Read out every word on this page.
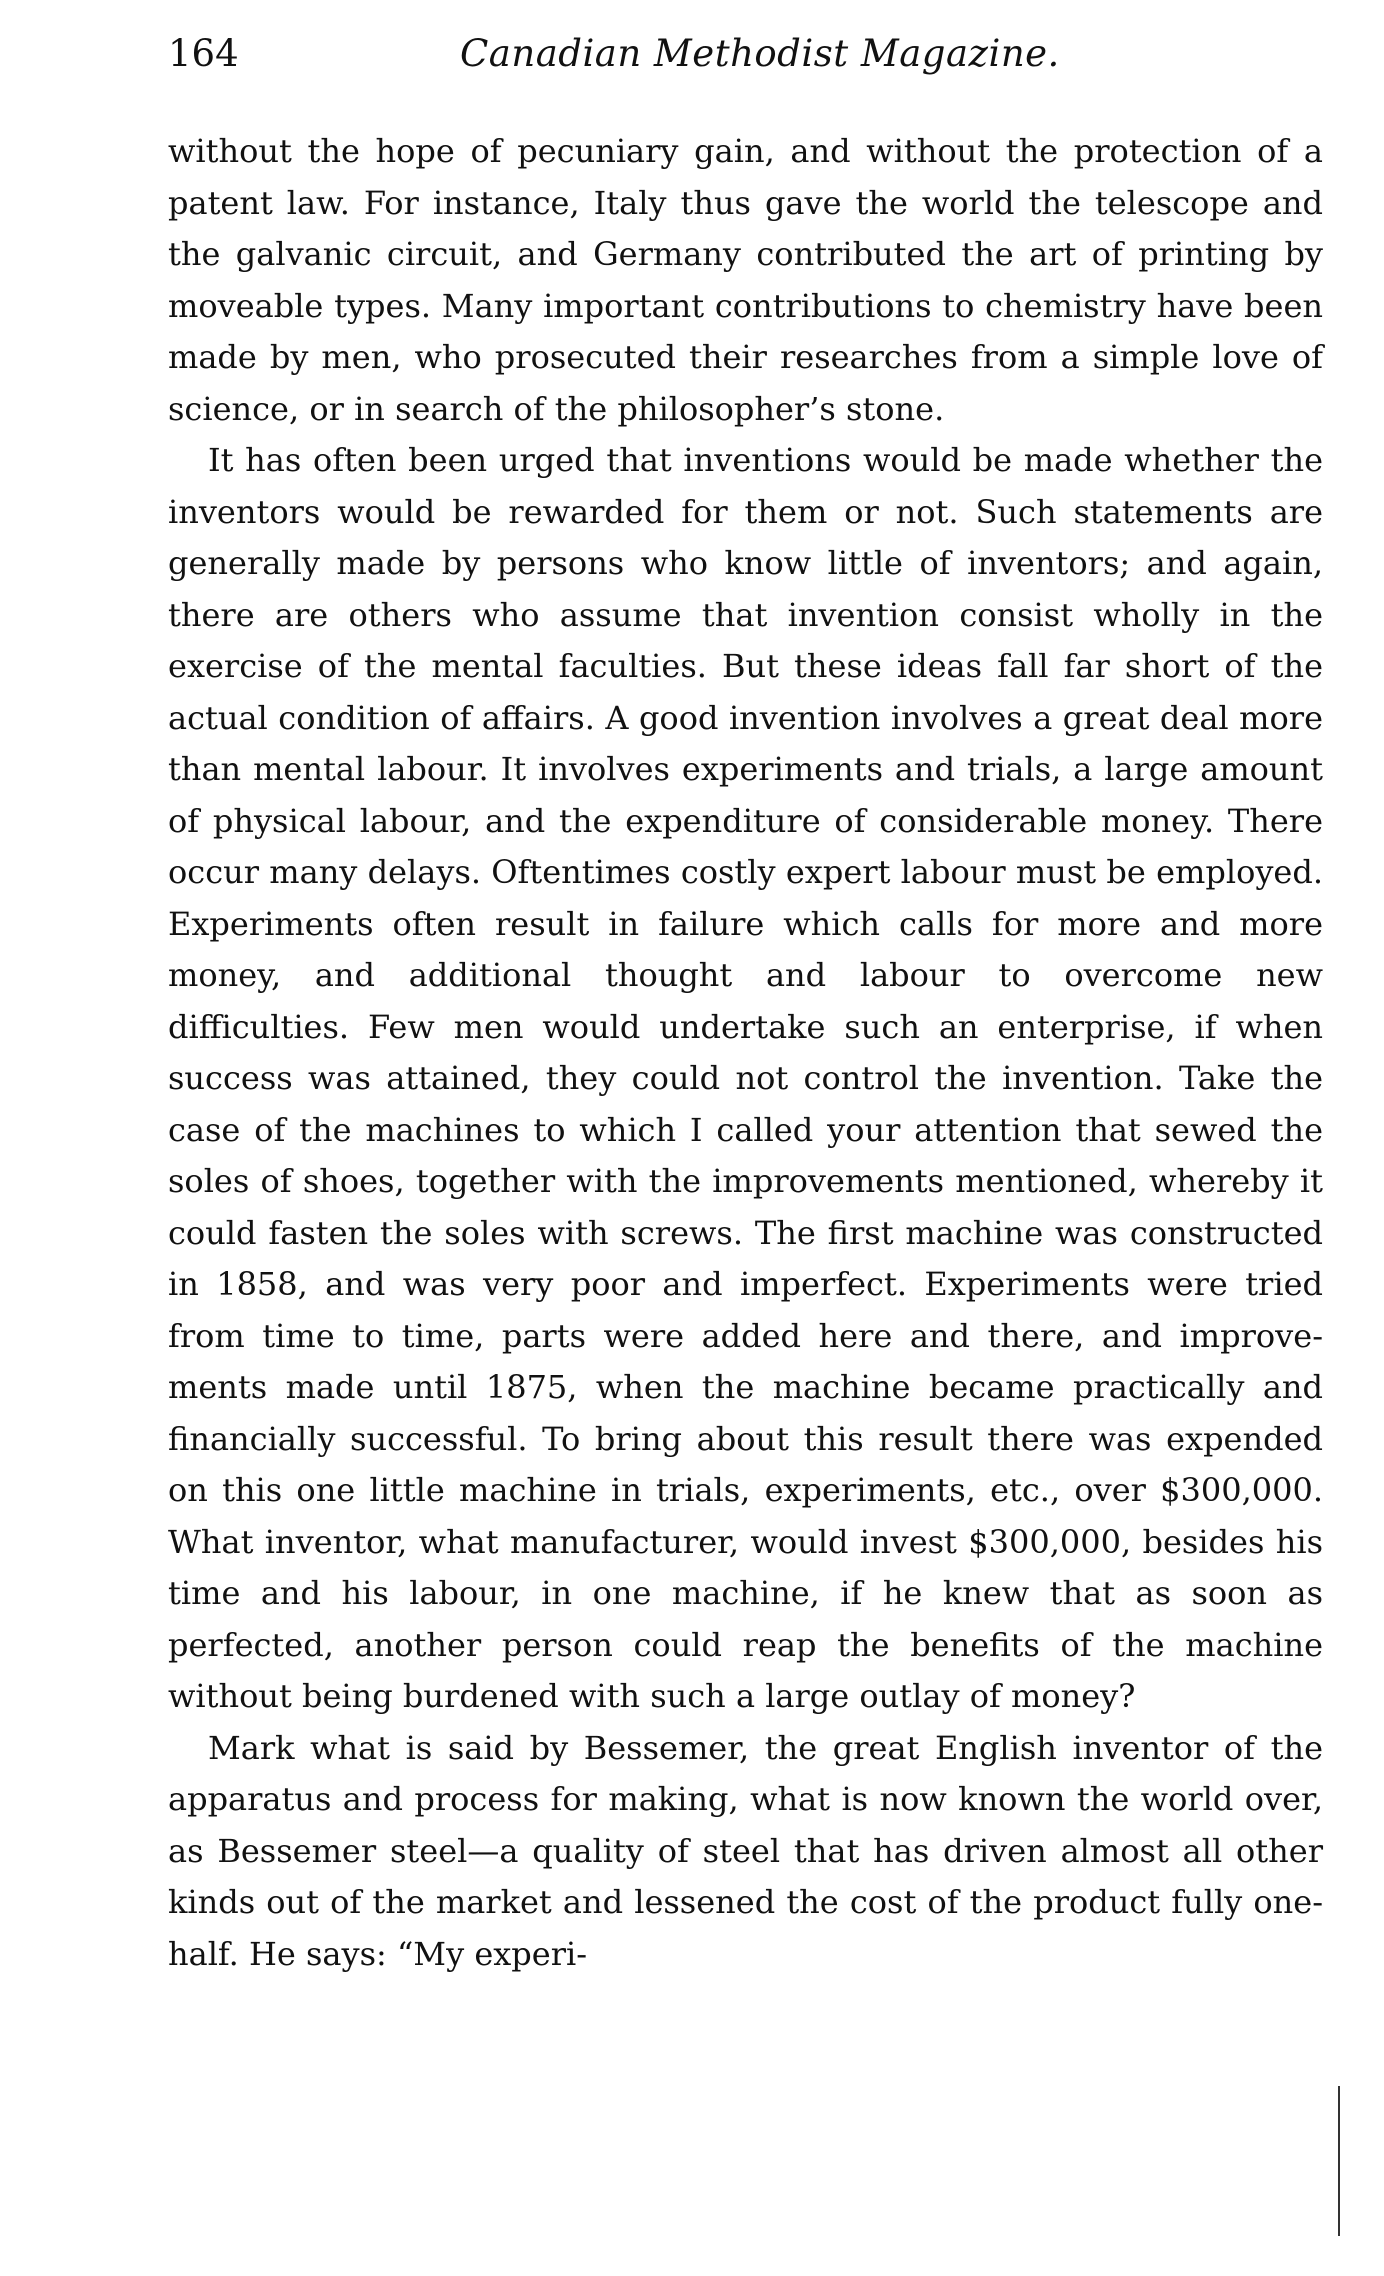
164	Canadian Methodist Magazine.

without the hope of pecuniary gain, and without the protection of a patent law. For instance, Italy thus gave the world the telescope and the galvanic circuit, and Germany contributed the art of printing by moveable types. Many important contributions to chemistry have been made by men, who prosecuted their researches from a simple love of science, or in search of the philosopher’s stone.

It has often been urged that inventions would be made whether the inventors would be rewarded for them or not. Such statements are generally made by persons who know little of inventors; and again, there are others who assume that invention consist wholly in the exercise of the mental faculties. But these ideas fall far short of the actual condition of affairs. A good invention involves a great deal more than mental labour. It involves experiments and trials, a large amount of physical labour, and the expenditure of considerable money. There occur many delays. Oftentimes costly expert labour must be employed. Experiments often result in failure which calls for more and more money, and additional thought and labour to overcome new difficulties. Few men would undertake such an enterprise, if when success was attained, they could not control the invention. Take the case of the machines to which I called your attention that sewed the soles of shoes, together with the improvements mentioned, whereby it could fasten the soles with screws. The first machine was constructed in 1858, and was very poor and imperfect. Experiments were tried from time to time, parts were added here and there, and improvements made until 1875, when the machine became practically and financially successful. To bring about this result there was expended on this one little machine in trials, experiments, etc., over $300,000. What inventor, what manufacturer, would invest $300,000, besides his time and his labour, in one machine, if he knew that as soon as perfected, another person could reap the benefits of the machine without being burdened with such a large outlay of money?

Mark what is said by Bessemer, the great English inventor of the apparatus and process for making, what is now known the world over, as Bessemer steel—a quality of steel that has driven almost all other kinds out of the market and lessened the cost of the product fully one-half. He says: “My experi-
